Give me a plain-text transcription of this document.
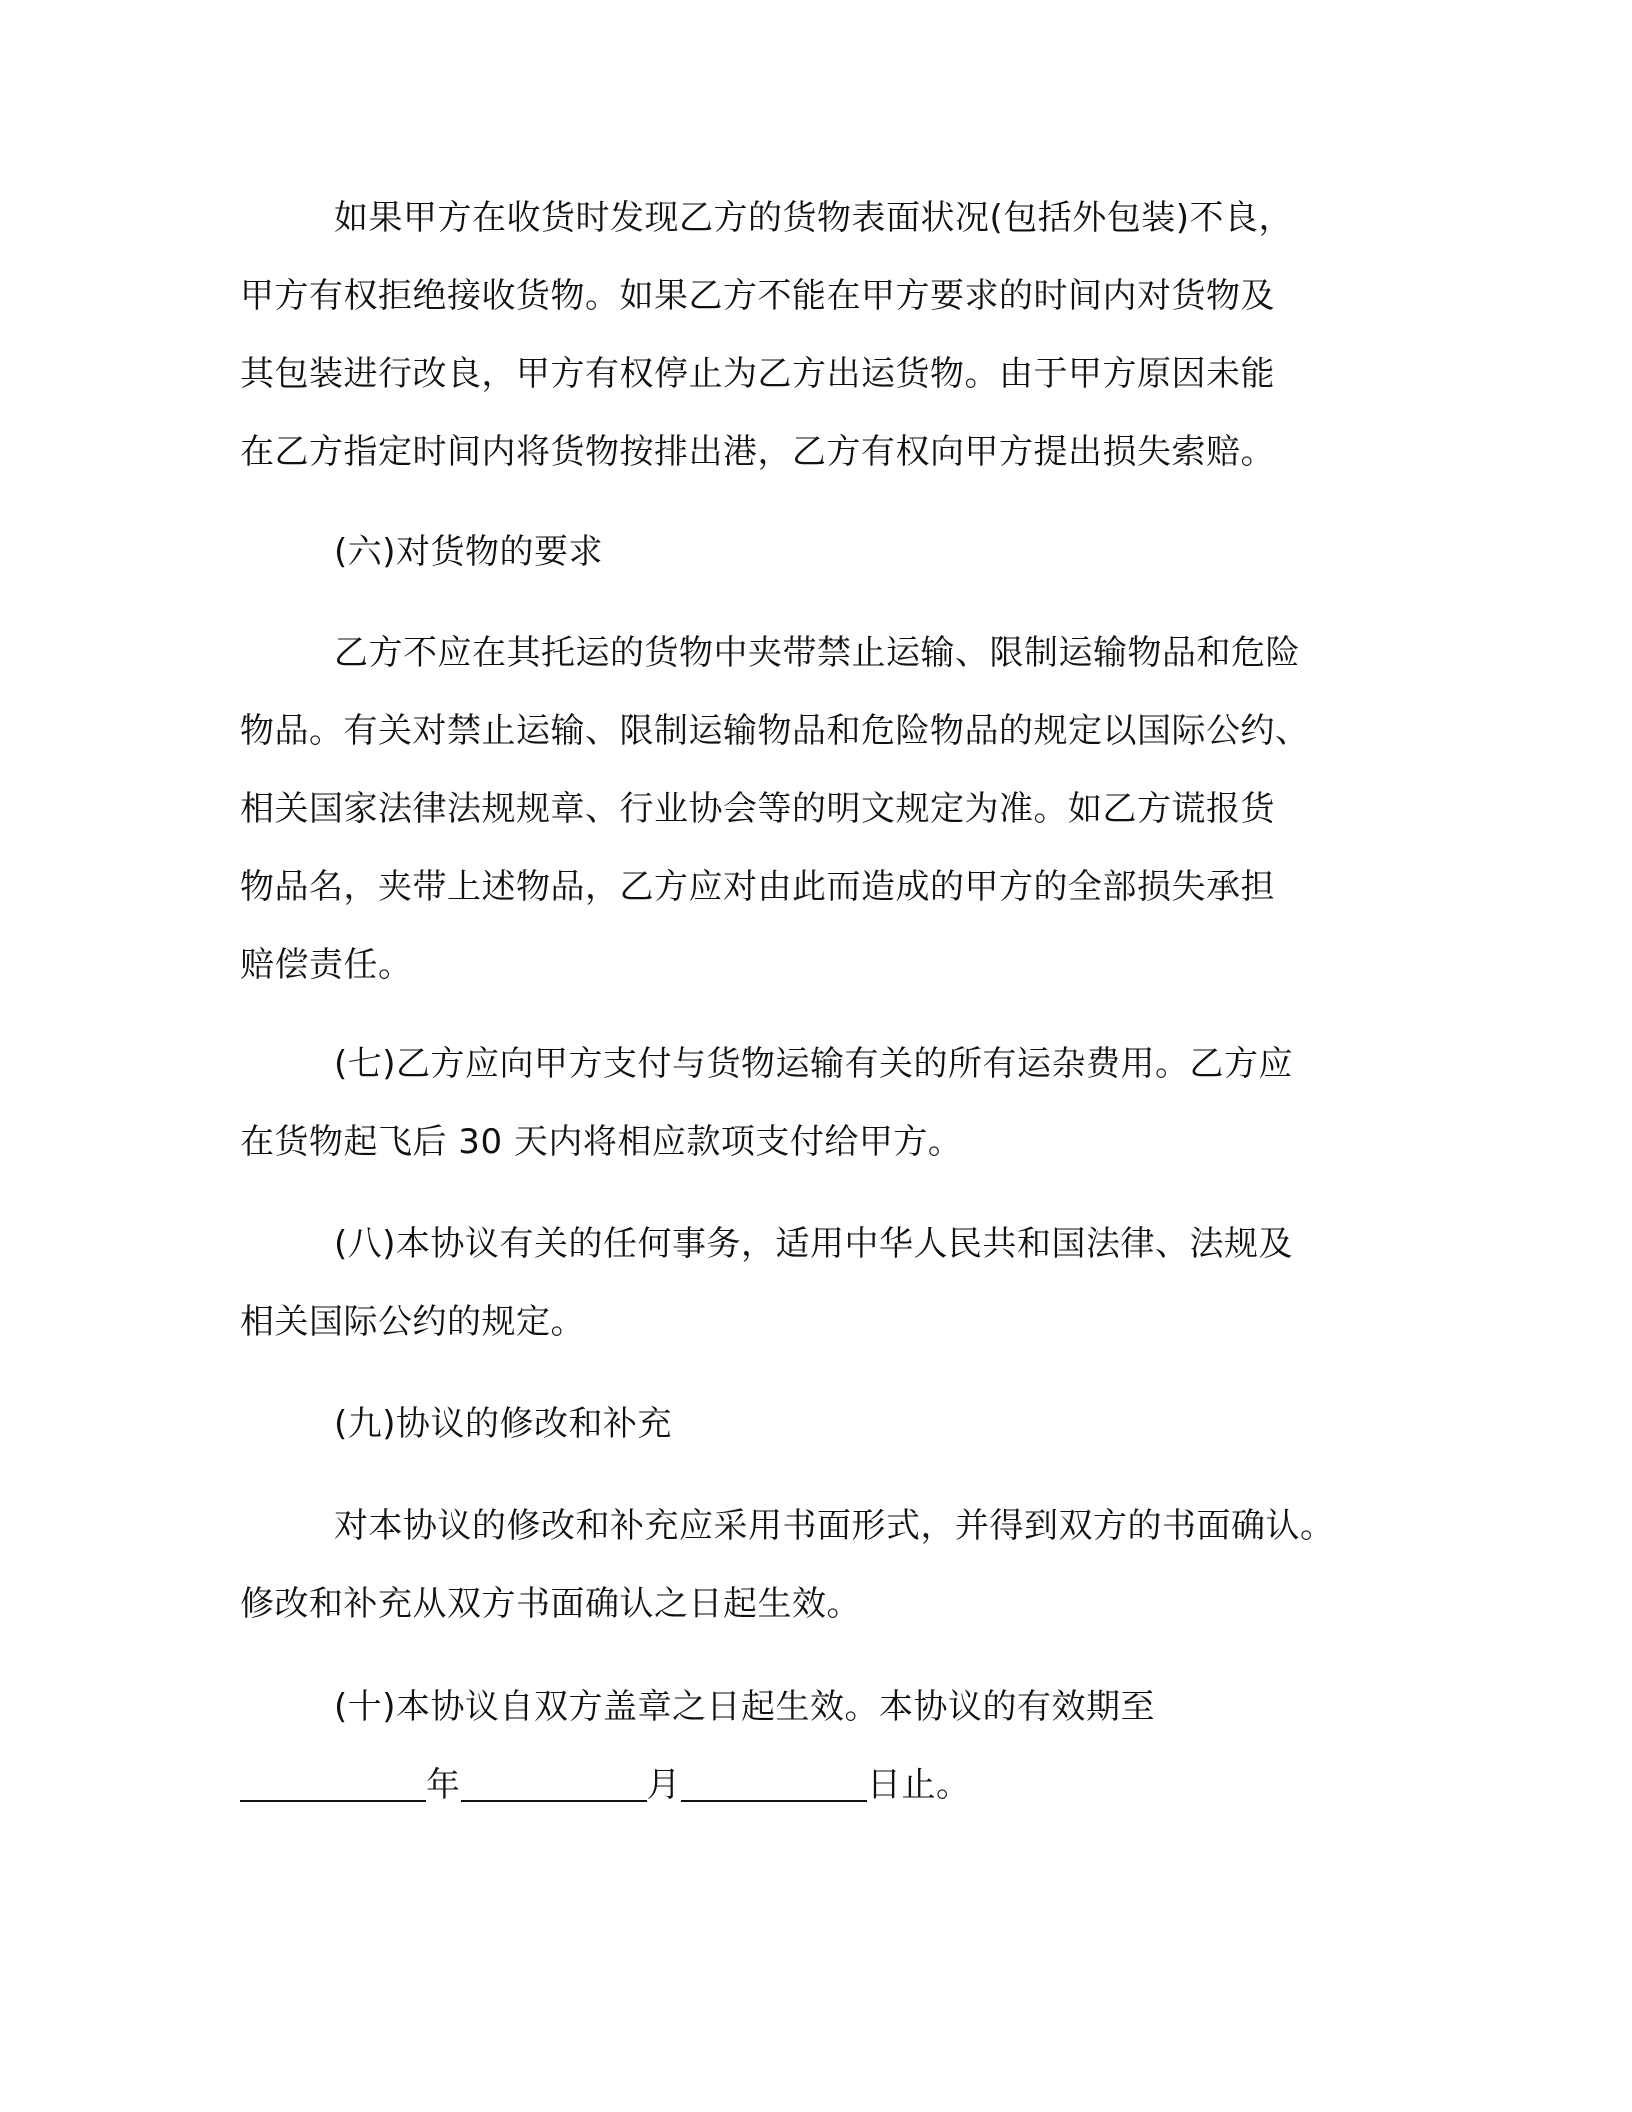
如果甲方在收货时发现乙方的货物表面状况(包括外包装)不良，
甲方有权拒绝接收货物。如果乙方不能在甲方要求的时间内对货物及
其包装进行改良，甲方有权停止为乙方出运货物。由于甲方原因未能
在乙方指定时间内将货物按排出港，乙方有权向甲方提出损失索赔。
(六)对货物的要求
乙方不应在其托运的货物中夹带禁止运输、限制运输物品和危险
物品。有关对禁止运输、限制运输物品和危险物品的规定以国际公约、
相关国家法律法规规章、行业协会等的明文规定为准。如乙方谎报货
物品名，夹带上述物品，乙方应对由此而造成的甲方的全部损失承担
赔偿责任。
(七)乙方应向甲方支付与货物运输有关的所有运杂费用。乙方应
在货物起飞后 30 天内将相应款项支付给甲方。
(八)本协议有关的任何事务，适用中华人民共和国法律、法规及
相关国际公约的规定。
(九)协议的修改和补充
对本协议的修改和补充应采用书面形式，并得到双方的书面确认。
修改和补充从双方书面确认之日起生效。
(十)本协议自双方盖章之日起生效。本协议的有效期至
年	月	日止。
